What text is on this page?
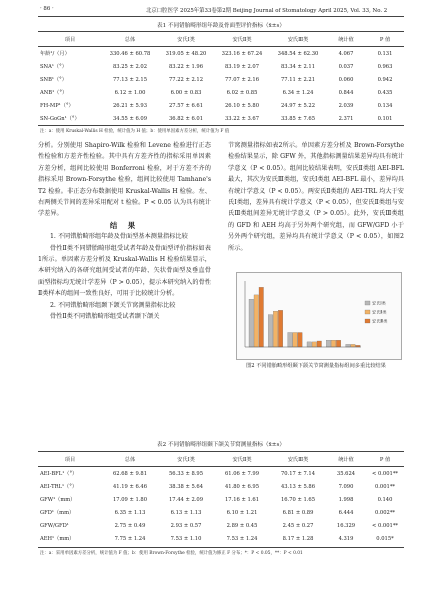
· 86 ·	北京口腔医学 2025年第33卷第2期 Beijing Journal of Stomatology April 2025, Vol. 33, No. 2
表1 不同错胎畸形组年龄及骨面型评价指标（x̄±s）
项目	总体	安氏Ⅰ类	安氏Ⅱ类	安氏Ⅲ类	统计值	P 值
年龄¹/（月）	330.46 ± 60.78	319.05 ± 48.20	323.16 ± 67.24	348.54 ± 62.30	4.067	0.131
SNA¹（°）	83.25 ± 2.02	83.22 ± 1.96	83.19 ± 2.07	83.34 ± 2.11	0.037	0.963
SNB¹（°）	77.13 ± 2.15	77.22 ± 2.12	77.07 ± 2.16	77.11 ± 2.21	0.060	0.942
ANB¹（°）	6.12 ± 1.00	6.00 ± 0.83	6.02 ± 0.85	6.34 ± 1.24	0.844	0.435
FH-MP¹（°）	26.21 ± 5.93	27.57 ± 6.61	26.10 ± 5.80	24.97 ± 5.22	2.039	0.134
SN-GoGn¹（°）	34.55 ± 6.09	36.82 ± 6.01	33.22 ± 3.67	33.85 ± 7.65	2.371	0.101
注：a：使用 Kruskal-Wallis H 检验，统计值为 H 值；b：使用单因素方差分析，统计值为 F 值

分析。分别使用 Shapiro-Wilk 检验和 Levene 检验进行正态性检验和方差齐性检验。其中具有方差齐性的指标采用单因素方差分析，组间比较使用 Bonferroni 检验，对于方差不齐的指标采用 Brown-Forsythe 检验，组间比较使用 Tamhane's T2 检验。非正态分布数据使用 Kruskal-Wallis H 检验。左、右两侧关节间的差异采用配对 t 检验。P < 0.05 认为具有统计学差异。

结 果

1. 不同错胎畸形组年龄及骨面型基本测量指标比较

骨性Ⅱ类不同错胎畸形组受试者年龄及骨面型评价指标如表1所示。单因素方差分析及 Kruskal-Wallis H 检验结果显示，本研究纳入的各研究组间受试者的年龄、矢状骨面型及垂直骨面型指标均无统计学差异（P > 0.05），提示本研究纳入的骨性Ⅱ类样本的组间一致性良好，可用于比较统计分析。

2. 不同错胎畸形组颞下颌关节窝测量指标比较

骨性Ⅱ类不同错胎畸形组受试者颞下颌关

节窝测量指标如表2所示。单因素方差分析及 Brown-Forsythe 检验结果显示，除 GFW 外，其他指标测量结果差异均具有统计学意义（P < 0.05）。组间比较结果表明，安氏Ⅱ类组 AEI-BFL 最大，其次为安氏Ⅲ类组，安氏Ⅰ类组 AEI-BFL 最小，差异均具有统计学意义（P < 0.05）。两安氏Ⅱ类组的 AEI-TRL 均大于安氏Ⅰ类组，差异具有统计学意义（P < 0.05），但安氏Ⅱ类组与安氏Ⅲ类组间差异无统计学意义（P > 0.05）。此外，安氏Ⅲ类组的 GFD 和 AEH 均高于另外两个研究组，而 GFW/GFD 小于另外两个研究组，差异均具有统计学意义（P < 0.05），如图2所示。

安氏Ⅰ类
安氏Ⅱ类
安氏Ⅲ类
图2 不同错胎畸形组颞下颌关节窝测量指标组间多重比较结果
表2 不同错胎畸形组颞下颌关节窝测量指标（x̄±s）
项目	总体	安氏Ⅰ类	安氏Ⅱ类	安氏Ⅲ类	统计值	P 值
AEI-BFL¹（°）	62.68 ± 9.81	56.33 ± 8.95	61.06 ± 7.99	70.17 ± 7.14	35.624	< 0.001**
AEI-TRL¹（°）	41.19 ± 6.46	38.38 ± 5.64	41.80 ± 6.95	43.13 ± 5.86	7.090	0.001**
GFW¹（mm）	17.09 ± 1.80	17.44 ± 2.09	17.16 ± 1.61	16.70 ± 1.65	1.998	0.140
GFD¹（mm）	6.35 ± 1.13	6.13 ± 1.13	6.10 ± 1.21	6.81 ± 0.89	6.444	0.002**
GFW/GFD¹	2.75 ± 0.49	2.93 ± 0.57	2.89 ± 0.45	2.45 ± 0.27	16.329	< 0.001**
AEH¹（mm）	7.75 ± 1.24	7.53 ± 1.10	7.53 ± 1.24	8.17 ± 1.28	4.319	0.015*
注：a：采用单因素方差分析，统计值为 F 值；b：使用 Brown-Forsythe 检验，统计值为修正 F 分布；*：P < 0.05，**：P < 0.01
